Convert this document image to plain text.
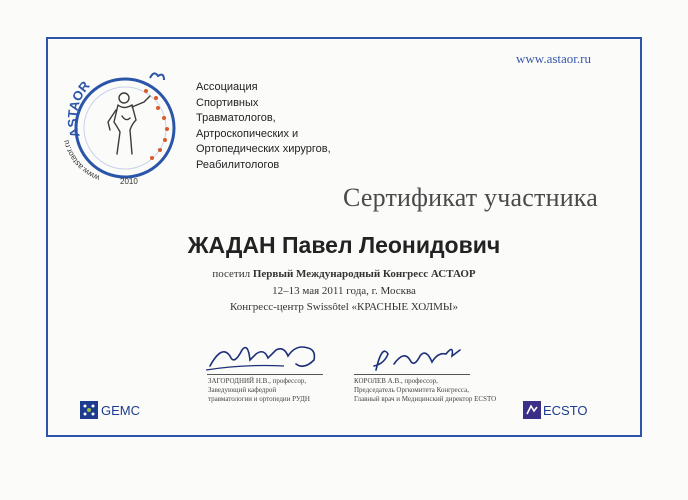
www.astaor.ru
ASTAOR
www.astaor.ru
2010
Ассоциация
Спортивных
Травматологов,
Артроскопических и
Ортопедических хирургов,
Реабилитологов
Сертификат участника
ЖАДАН Павел Леонидович
посетил Первый Международный Конгресс АСТАОР
12–13 мая 2011 года, г. Москва
Конгресс-центр Swissôtel «КРАСНЫЕ ХОЛМЫ»
ЗАГОРОДНИЙ Н.В., профессор,
Заведующий кафедрой
травматологии и ортопедии РУДН
КОРОЛЕВ А.В., профессор,
Председатель Оргкомитета Конгресса,
Главный врач и Медицинский директор ECSTO
GEMC	ECSTO
